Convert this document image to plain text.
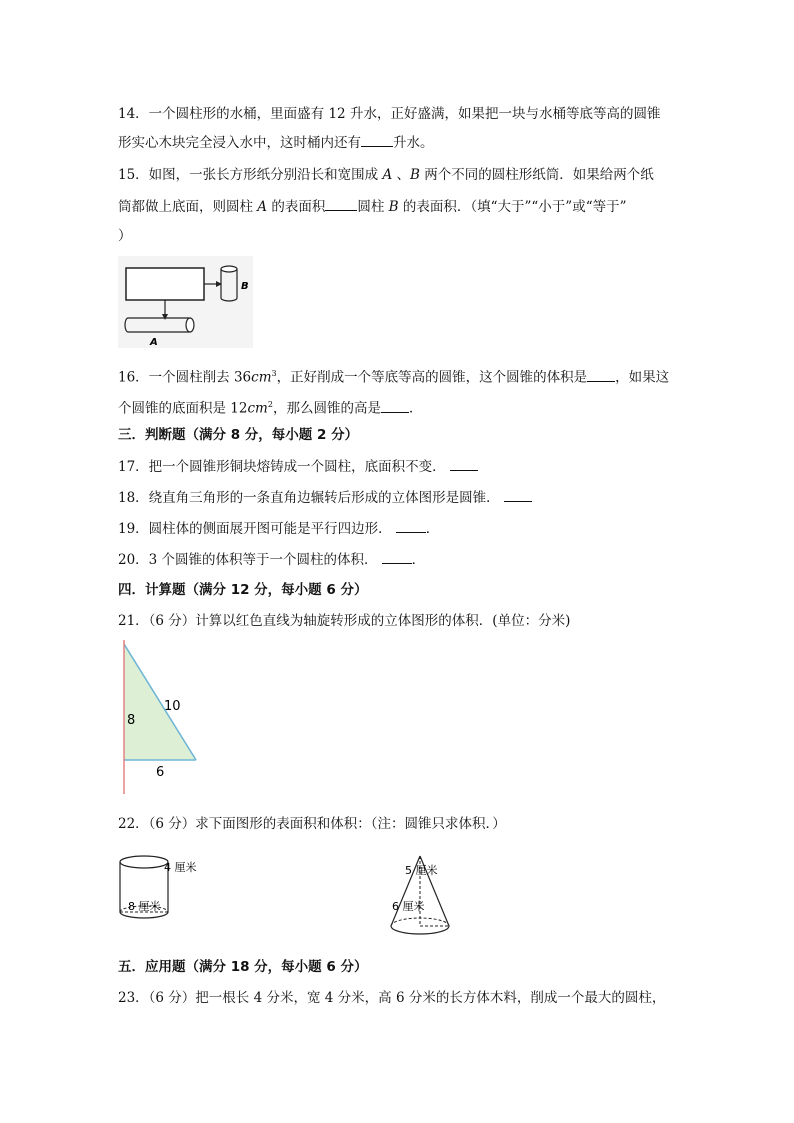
14．一个圆柱形的水桶，里面盛有 12 升水，正好盛满，如果把一块与水桶等底等高的圆锥
形实心木块完全浸入水中，这时桶内还有 升水。
15．如图，一张长方形纸分别沿长和宽围成 A 、B 两个不同的圆柱形纸筒．如果给两个纸
筒都做上底面，则圆柱 A 的表面积 圆柱 B 的表面积．（填“大于”“小于”或“等于”
）
B
A
16．一个圆柱削去 $36cm^3$，正好削成一个等底等高的圆锥，这个圆锥的体积是 ，如果这
个圆锥的底面积是 $12cm^2$，那么圆锥的高是 ．
三．判断题（满分 8 分，每小题 2 分）
17．把一个圆锥形铜块熔铸成一个圆柱，底面积不变．
18．绕直角三角形的一条直角边辗转后形成的立体图形是圆锥．
19．圆柱体的侧面展开图可能是平行四边形．	．
20．3 个圆锥的体积等于一个圆柱的体积．	．
四．计算题（满分 12 分，每小题 6 分）
21．（6 分）计算以红色直线为轴旋转形成的立体图形的体积．(单位：分米)
8
10
6
22．（6 分）求下面图形的表面积和体积：（注：圆锥只求体积．）
4 厘米
8 厘米
5 厘米
6 厘米
五．应用题（满分 18 分，每小题 6 分）
23．（6 分）把一根长 4 分米，宽 4 分米，高 6 分米的长方体木料，削成一个最大的圆柱，
